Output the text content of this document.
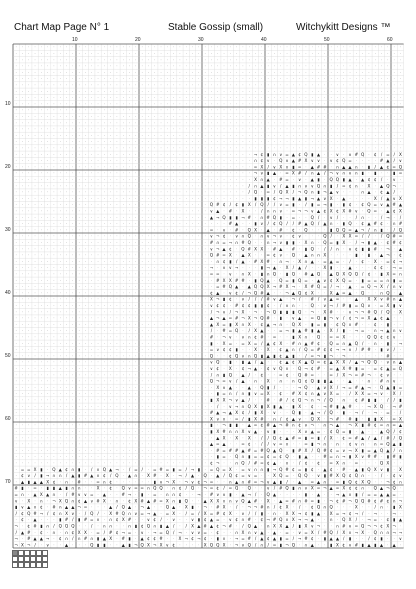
Chart Map Page N° 1	Stable Gossip (small)	Witchykitt Designs ™
10	20	30	40	50	60
10
20
30
40
50
60
70
· · · · · · · · · · · · · · · · · · · · · · · · · · · · · · · · · · · · · · · · · · · · · · · · · · · · · · · · · · · · · ·
· · · · · · · · · · · · · · · · · · · · · · · · · · · · · · · · · · · · · · · · · · · · · · · · · · · · · · · · · · · · · ·
· · · · · · · · · · · · · · · · · · · · · · · · · · · · · · · · · · · · · · · · · · · · · · · · · · · · · · · · · · · · · ·
· · · · · · · · · · · · · · · · · · · · · · · · · · · · · · · · · · · · · · · · · · · · · · · · · · · · · · · · · · · · · ·
· · · · · · · · · · · · · · · · · · · · · · · · · · · · · · · · · · · · · · · · · · · · · · · · · · · · · · · · · · · · · ·
· · · · · · · · · · · · · · · · · · · · · · · · · · · · · · · · · · · · · · · · · · · · · · · · · · · · · · · · · · · · · ·
· · · · · · · · · · · · · · · · · · · · · · · · · · · · · · · · · · · · · · · · · · · · · · · · · · · · · · · · · · · · · ·
· · · · · · · · · · · · · · · · · · · · · · · · · · · · · · · · · · · · · · · · · · · · · · · · · · · · · · · · · · · · · ·
· · · · · · · · · · · · · · · · · · · · · · · · · · · · · · · · · · · · · · · · · · · · · · · · · · · · · · · · · · · · · ·
· · · · · · · · · · · · · · · · · · · · · · · · · · · · · · · · · · · · · · · · · · · · · · · · · · · · · · · · · · · · · ·
· · · · · · · · · · · · · · · · · · · · · · · · · · · · · · · · · · · · · · · · · · · · · · · · · · · · · · · · · · · · · ·
· · · · · · · · · · · · · · · · · · · · · · · · · · · · · · · · · · · · · · · · · · · · · · · · · · · · · · · · · · · · · ·
· · · · · · · · · · · · · · · · · · · · · · · · · · · · · · · · · · · · · · · · · · · · · · · · · · · · · · · · · · · · · ·
· · · · · · · · · · · · · · · · · · · · · · · · · · · · · · · · · · · · · · · · · · · · · · · · · · · · · · · · · · · · · ·
· · · · · · · · · · · · · · · · · · · · · · · · · · · · · · · · · · · · · · · · · · · · · · · · · · · · · · · · · · · · · ·
· · · · · · · · · · · · · · · · · · · · · · · · · · · · · · · · · · · · · · · · · · · · · · · · · · · · · · · · · · · · · ·
· · · · · · · · · · · · · · · · · · · · · · · · · · · · · · · · · · · · · · · · · · · · · · · · · · · · · · · · · · · · · ·
· · · · · · · · · · · · · · · · · · · · · · · · · · · · · · · · · · · · · · ¬ ¢ ▮ ∩ ∨ = ▲ ¢ Q ▮ ▲ · · ∨ · ∨ # Q · ¢ / = / X
· · · · · · · · · · · · · · · · · · · · · · · · · · · · · · · · · · · · · · ∩ ¢ ∨ · Q ∨ ▲ # X ∨ ∨ · ∨ ¢ Q = · · · · # ▲ / ∨
· · · · · · · · · · · · · · · · · · · · · · · · · · · · · · · · · · · · · · = X / ∨ X ∩ ▮ = · ▲ # # · ∩ ▲ ▲ ∩ · ▮ / ▲ ¢ = Q
· · · · · · · · · · · · · · · · · · · · · · · · · · · · · · · · · · · · · · ¬ ∨ ▮ ▲ · = X # / ∩ ▲ / ¬ ∨ ∩ ∨ ∩ ▮ · ▮ · · ▮ =
· · · · · · · · · · · · · · · · · · · · · · · · · · · · · · · · · · · · · · X ∩ ▲ · # = · ∨ · ▲ ▮ · Q Q ▮ ▲ · ▲ ¢ ¢ / · ∨ ·
· · · · · · · · · · · · · · · · · · · · · · · · · · · · · · · · · · · · · / ∩ ▲ ▮ ∨ / ▲ ▮ ∩ ∨ ∨ Q ∩ ▮ / = ¢ ∩ · X · ▲ Q ¬ ·
· · · · · · · · · · · · · · · · · · · · · · · · · · · · · · · · · · · · · / Q · = / Q X / ¬ Q ∩ ▮ ¬ ▲ ∨ · · · ∩ ▲ · ¢ ▲ / ·
· · · · · · · · · · · · · · · · · · · · · · · · · · · · · · · · · · · · · · ▮ ▮ ▮ ¢ ¬ ¬ ▮ ▲ ▮ ¬ ▲ ∨ X · ▲ · · · · X / ▲ ∨ X
· · · · · · · · · · · · · · · · · · · · · · · · · · · · · · · Q # ¢ / ¢ ▮ X / Q / / ∨ = ▮ · / ▮ = ¬ ▮ · ▮ ¢ · ¢ Q = ∨ ▲ # ▲
· · · · · · · · · · · · · · · · · · · · · · · · · · · · · · · ∨ ▲ · # · X · · / ∩ ∩ ∨ · = ¬ ¬ ∨ ▲ ¢ X ¢ X # ∨ · Q = · ▲ ¢ X
· · · · · · · · · · · · · · · · · · · · · · · · · · · · · · · ▲ ¬ Q ▮ ▮ ¬ # · ∩ # Q ▮ · = · · Q / · ∨ / · · / ∩ · · / ¬ · /
· · · · · · · · · · · · · · · · · · · · · · · · · · · · · · · · · · # ▲ · · ▮ ∨ / ¢ Q / / # ▲ Q / ▲ ∩ · ▮ Q · ¢ ▲ # ¢ · ∩ #
· · · · · · · · · · · · · · · · · · · · · · · · · · · · · · · = · ∨ · # · Q X · ▲ · # · ¢ · Q · · · ▮ Q Q = ▲ ¬ / ∩ ▮ · / Q
· · · · · · · · · · · · · · · · · · · · · · · · · · · · · · · ∨ ¬ ¢ · ∨ ∩ Q · ∩ ∨ ¬ ∨ · ¢ ∨ · · · Q / · X X = / / · / Q # =
· · · · · · · · · · · · · · · · · · · · · · · · · · · · · · · # ∩ = ¬ ∩ # Q · · ∩ ¬ ∨ ▮ ▮ · X ∩ · Q = ▮ X · / ¬ ▮ ▲ · ¢ # ¢
· · · · · · · · · · · · · · · · · · · · · · · · · · · · · · · ∨ ¬ ▲ ¢ · Q # X X · # ▲ · # · ▮ Q · / / ∩ · ∨ ¢ ▮ ▮ # · ¬ · ▲
· · · · · · · · · · · · · · · · · · · · · · · · · · · · · · · Q # = X · ▲ X · · = ¢ ∨ · Q · ▲ ∩ ∩ X · · · · ▮ · ▮ · ▲ ¬ · ¢
· · · · · · · · · · · · · · · · · · · · · · · · · · · · · · · · ∩ ¢ ▮ / ▲ · # X # · ∩ ¬ · X ∩ ▲ · = ▲ = · / · ¢ · X · = ¢ ¬
· · · · · · · · · · · · · · · · · · · · · · · · · · · · · · · ¬ · ∨ ∨ ¬ · · · ▮ ¬ ▲ · X / ▲ / · · X ▮ · · ▲ · · · ¢ ¢ · ¬ =
· · · · · · · · · · · · · · · · · · · · · · · · · · · · · · · = = · ∨ · ∩ X · ▮ ∩ Q · ▮ Q · # ▲ Q · ▲ Q X Q Q / ¢ · ▮ X = ∩
· · · · · · · · · · · · · · · · · · · · · · · · · · · · · · · · # X X # # · ▮ Q ▲ · Q = ▮ Q = · ▲ ∨ ¢ X Q = · ▮ = = = ∩ ▮ =
· · · · · · · · · · · · · · · · · · · · · · · · · · · · · · · · = # Q ▲ · ▲ Q Q X ¬ # X ¬ · X # Q = / ¬ · ▲ · = Q ¬ X / ∩ ∨
· · · · · · · · · · · · · · · · · · · · · · · · · · · · · · · ¢ ▲ · ∨ ¢ / ¬ Q # ▲ · · ¬ ▲ Q ¢ X · · X ▲ = ▲ · Q · · ∩ Q · ▲
· · · · · · · · · · · · · · · · · · · · · · · · · · · · · · · X ¬ ▮ ¢ · ∨ / / / # ∨ ▲ · ¬ / · # / ∨ ▲ = · · ▲ · X X ∨ # ∩ ▲
· · · · · · · · · · · · · · · · · · · · · · · · · · · · · · · ∨ ¢ ¢ · # ¢ ¢ ▮ ▮ ¢ · / ∨ ∩ · · Q · ∨ ¬ / # ▮ = Q ∨ · = X ▮ ∨
· · · · · · · · · · · · · · · · · · · · · · · · · · · · · · · / ¬ ∨ / ¬ X · ¬ · ¬ Q ▮ ▮ ▮ Q · ¬ · X # · · ∨ ¬ ¬ # Q / Q · X
· · · · · · · · · · · · · · · · · · · · · · · · · · · · · · · ▲ ¬ ▲ = # ¬ X ¬ Q # · ▮ · ∨ ▲ · = Q ▮ ¬ ∨ / ¢ ¬ = X ▲ ¢ ▲ · ·
· · · · · · · · · · · · · · · · · · · · · · · · · · · · · · · ▲ X = ▮ X ∩ X · ¢ ▲ ¬ ∩ · Q X · ▮ = ▮ · ¢ Q ∩ # · · ¢ · ▮ · ·
· · · · · · · · · · · · · · · · · · · · · · · · · · · · · · · / · # = Q · / X ▲ · · = ¬ ▮ ▲ # ▮ ▲ · X / ▮ · ¬ = · ∩ ¬ ▲ ∩ ∨
· · · · · · · · · · · · · · · · · · · · · · · · · · · · · · · # · ¬ ∨ · ∨ ∩ ¢ # · = · · ▮ X ∩ · Q · = = X · · · Q Q ¢ ¢ ∨ ·
· · · · · · · · · · · · · · · · · · · · · · · · · · · · · · · ▮ · X = · = X = / ▲ ¢ X · # ∩ ▲ # ¢ · Q = ∩ ▲ Q / · ∩ · ▮ · ¬
· · · · · · · · · · · · · · · · · · · · · · · · · · · · · · · = ∨ ¢ ¢ ▮ · · X · X · ¢ ▲ ∩ / Q = # ¢ ¢ ¬ ¬ ∨ / # # · ▮ ∨ / ·
· · · · · · · · · · · · · · · · · · · · · · · · · · · · · · · Q · · ¢ Q ∨ ∩ Q ▮ ▲ ▮ ¢ ▲ ▮ · / = ¬ ▮ ¬ · ¬ · · · · · · # · ·
· · · · · · · · · · · · · · · · · · · · · · · · · · · · · · · ∨ Q · ▮ · ▮ ▲ / ▲ · · ¢ ▲ ¢ X ▲ Q = ¢ ▲ X X / ▲ ¬ Q Q · ∨ ∩ ▲
· · · · · · · · · · · · · · · · · · · · · · · · · · · · · · · ∨ ¢ · X · ¢ ¬ ▲ · ¢ ∨ Q ∩ · Q ¬ ¢ # · = ▲ X # ▮ = · = ¢ ▲ = Q
· · · · · · · · · · · · · · · · · · · · · · · · · · · · · · · / ∩ ▮ Q · ▲ / · ¢ · · = ¢ · Q # = · · = / X ¬ = # ¬ · ¢ ∨ · ·
· · · · · · · · · · · · · · · · · · · · · · · · · · · · · · · Q ¬ = ∨ / ▲ · ∩ · X · ∩ · ∩ Q ¢ Q ▮ ▮ ▲ · · ▲ · · ∩ · # ∩ ∨ ·
· · · · · · · · · · · · · · · · · · · · · · · · · · · · · · · · X ∨ ▲ · · ▲ · Q ▮ / · · · ¬ Q · ▲ ∨ X / ¬ = # ▲ ¬ · Q ▲ ▮ =
· · · · · · · · · · · · · · · · · · · · · · · · · · · · · · · · ▮ = ∩ / ∩ ▮ ∨ = X · ¢ · # X ¢ ∩ ▲ ∨ X = · / X X = ¬ ∨ · X /
· · · · · · · · · · · · · · · · · · · · · · · · · · · · · · · ▮ X X ¬ ∨ ▲ / · · # · # / ¢ Q ¬ ∩ ¬ / Q · ∩ · ¢ # ▮ ▮ · / / ▮
· · · · · · · · · · · · · · · · · · · · · · · · · · · · · · · · / · ∨ ¬ ∩ Q X ▮ X ▮ ▲ · ▮ X · ¢ · ¬ # ▮ ▲ # · · ¬ X Q · ¬ #
· · · · · · · · · · · · · · · · · · · · · · · · · · · · · · · # ▲ ¬ ▲ X ¢ / ▮ X · ∨ · · Q ▮ · ▲ ¬ / Q · ▮ · ¬ / · ¬ · = · /
· · · · · · · · · · · · · · · · · · · · · · · · · · · · · · · X ∨ ∩ · = / ▮ X # · ∩ / ¢ ▲ ∨ · Q X · ¬ # · # ▮ · ▮ ▮ X · = X
· · · · · · · · · · · · · · · · · · · · · · · · · · · · · · · ▮ · ¬ ▮ ▮ · ▲ = ¢ # ▲ ¬ # ∩ ¢ ∨ ¬ · ∩ ¬ ▲ · ¬ X ▮ # ¢ = ∩ = ▲
· · · · · · · · · · · · · · · · · · · · · · · · · · · · · · · ▮ X # ∩ ∩ X ∨ ▲ · ∨ ▮ · · · X ∨ ▲ = · ¢ Q = ▮ · ▲ · · ▲ Q / ¢
· · · · · · · · · · · · · · · · · · · · · · · · · · · · · · · · ▲ X · X · X · / / Q ¢ ▲ # = ▮ = ▮ / X · ¢ = # ▲ / ▲ / # / Q
· · · · · · · · · · · · · · · · · · · · · · · · · · · · · · · ▲ = ▲ · · = ¢ · / / ∨ = ∩ · · = ▮ ¬ ∩ · ∩ · ¢ ∨ ∩ · ∩ = Q ▲ ▮
· · · · · · · · · · · · · · · · · · · · · · · · · · · · · · · · # = # # ▲ # = # Q ▲ Q · ▮ # X / Q # ¢ = ∨ ¬ X ▮ = ▲ Q ▲ / ∩
· · · · · · · · · · · · · · · · · · · · · · · · · · · · · · · · ▮ = · Q ∩ ▮ = = ¢ = ¢ Q · ▮ ▲ · · # = ∩ ¬ ▮ X ∨ # # · ▮ # ▮
· · · · · · · · · · · · · · · · · · · · · · · · · · · · · · · ¢ ¬ · · ∩ Q / # = ¢ ▲ · ∩ · / ¢ · ¢ · = X ∩ · = · · · Q X · ·
· = = X ▮ · Q ▲ ¢ ∩ ▮ · / ∩ Q ▲ ¬ · / = / · = # = ▮ = / ¬ ▮ · = Q = X · = ∨ ∩ ∩ ▮ ¬ Q # ¢ = ▮ ¢ · ▲ ¢ · # · ▲ ▮ Q X ∨ ▮ · X
· ¢ ∨ / ▮ ¬ ∩ ∩ / ▲ ▮ # ▲ ∩ ¢ / Q · ▲ ∩ · X # · X · ¬ / ▲ · Q · ▲ / Q ¢ = ∨ = · · X Q = · Q Q · ∨ ▮ # X Q ¢ Q ∩ · · / · ¢ ∨
· ▲ ▮ ▲ ▲ X ¢ · ∩ · # · · = ∩ ¢ · · · · · · ▮ ∨ ¬ X · ¬ ∨ ¢ ¬ = · · ∩ ▲ ∩ # = ¬ ∨ ▲ ▮ / · ▲ · = ▲ ∩ · = ▮ Q ¢ X Q · · ¬ ¢ ∩
# ▮ · = · ▮ ▮ ▲ ▮ ∩ ∩ · · X · ¢ · Q ∨ = = ∩ Q Q · ∩ ¢ / Q · ¬ = ¢ / = Q · Q · · ∨ / # Q ▮ ∩ ∨ X = ¬ ▲ = X ¢ ¢ ∩ · Q ▲ ¬ Q ·
= ∩ · ▲ X ▲ ∩ · / # ∨ ∨ = · ▲ · · # ¬ · ▮ · = · ∩ ∩ ¢ · · ¬ · # ∨ ∨ ▮ · ▲ ¬ / · Q ▲ · · · · ▮ · ▲ · · ¬ ▲ ∩ ▮ / = = ▲ ▲ = ·
∨ · X · ∩ · ¬ X Q ∩ ¢ ▲ ∨ # X · ∩ · ¢ X # ▲ # = X ∩ ▮ Q · · ▲ X X ∩ ∩ ∨ Q ▲ # · X · ▲ = # ∩ # = ▮ · ¬ ¢ # ¬ Q Q # ¢ # ¢ ∩ ¬
▮ ∨ ▲ ∩ ¢ · # ∩ ▲ ▲ ¬ = · · · ▲ / Q ▲ · ¬ ▲ · · Q ▲ · X ▮ · ¬ · # X · / · ¬ ¬ # ∩ / ¢ X · / · ¢ Q ∩ Q · · · X · · / ∩ · ▮ X
/ ¢ Q # ¬ / ¢ ∩ X ∨ · / Q / · X # Q ∩ ∨ = ¬ ▲ · = X · / = / X = # ¢ X · ∨ / / ▮ · ∩ · X X ¬ ¢ ▮ ▲ · X = ¬ ¢ ¬ / · ¬ · · ¬ ·
· ¢ · ▲ · · · ▮ # / ▮ # = ∩ · ∩ ¢ X # · · ∨ ¢ / · ∨ · · ∨ ▮ ¢ ▲ = · ∨ ¢ ∩ # · ¢ ¬ # Q ∩ X ¬ ¬ ▲ · · ∩ · Q X / · ¬ = · ¢ ▮ ▲
¬ · ¢ # ▮ ∩ / Q Q Q · · / · ∩ ∩ · · ∩ ▮ ¢ Q ∩ ▮ ▲ / · / X ▲ # ▲ ¢ ¬ # · / Q ▲ · ∩ X X ▲ / ▮ X ∨ ¬ · · ∩ # ∨ = Q ¬ ¬ ¢ X ¬ ·
/ ▲ # · ¢ · ∩ · ∩ ¢ X X · = / # ¢ ¬ = · ∨ · ¬ = Q / ¬ · ∨ ∨ = · ¢ · · ∩ X ∩ ∨ ▲ · ▲ · = · ∨ = X / # Q / X ∩ ¬ X · Q ∩ ∩ ¬ ¬
¬ · # ▲ ▲ ¬ · ¢ ∩ / ∩ # ∩ ▮ ▲ X · # ▮ · ▲ ¢ ¢ # · · X ¬ ¢ ¬ ¢ · ▮ ∩ · ¬ = # / ▲ ¢ ▲ ▮ = / ¬ # ¢ · ▮ ▲ ▲ / ▮ · · / ¢ ▮ · · ∨
¬ X ¬ / · ∨ · · ▲ · · · Q ▮ ▮ · · ▲ ▮ ¬ Q X ¬ X ∨ ¢ · · · · X Q Q X · ¬ ∨ Q / ∩ / = ▮ ¬ Q · ∩ ▲ · · ▮ X ¢ ∨ # ▮ ▲ ▮ ▲ · ▲ ·
